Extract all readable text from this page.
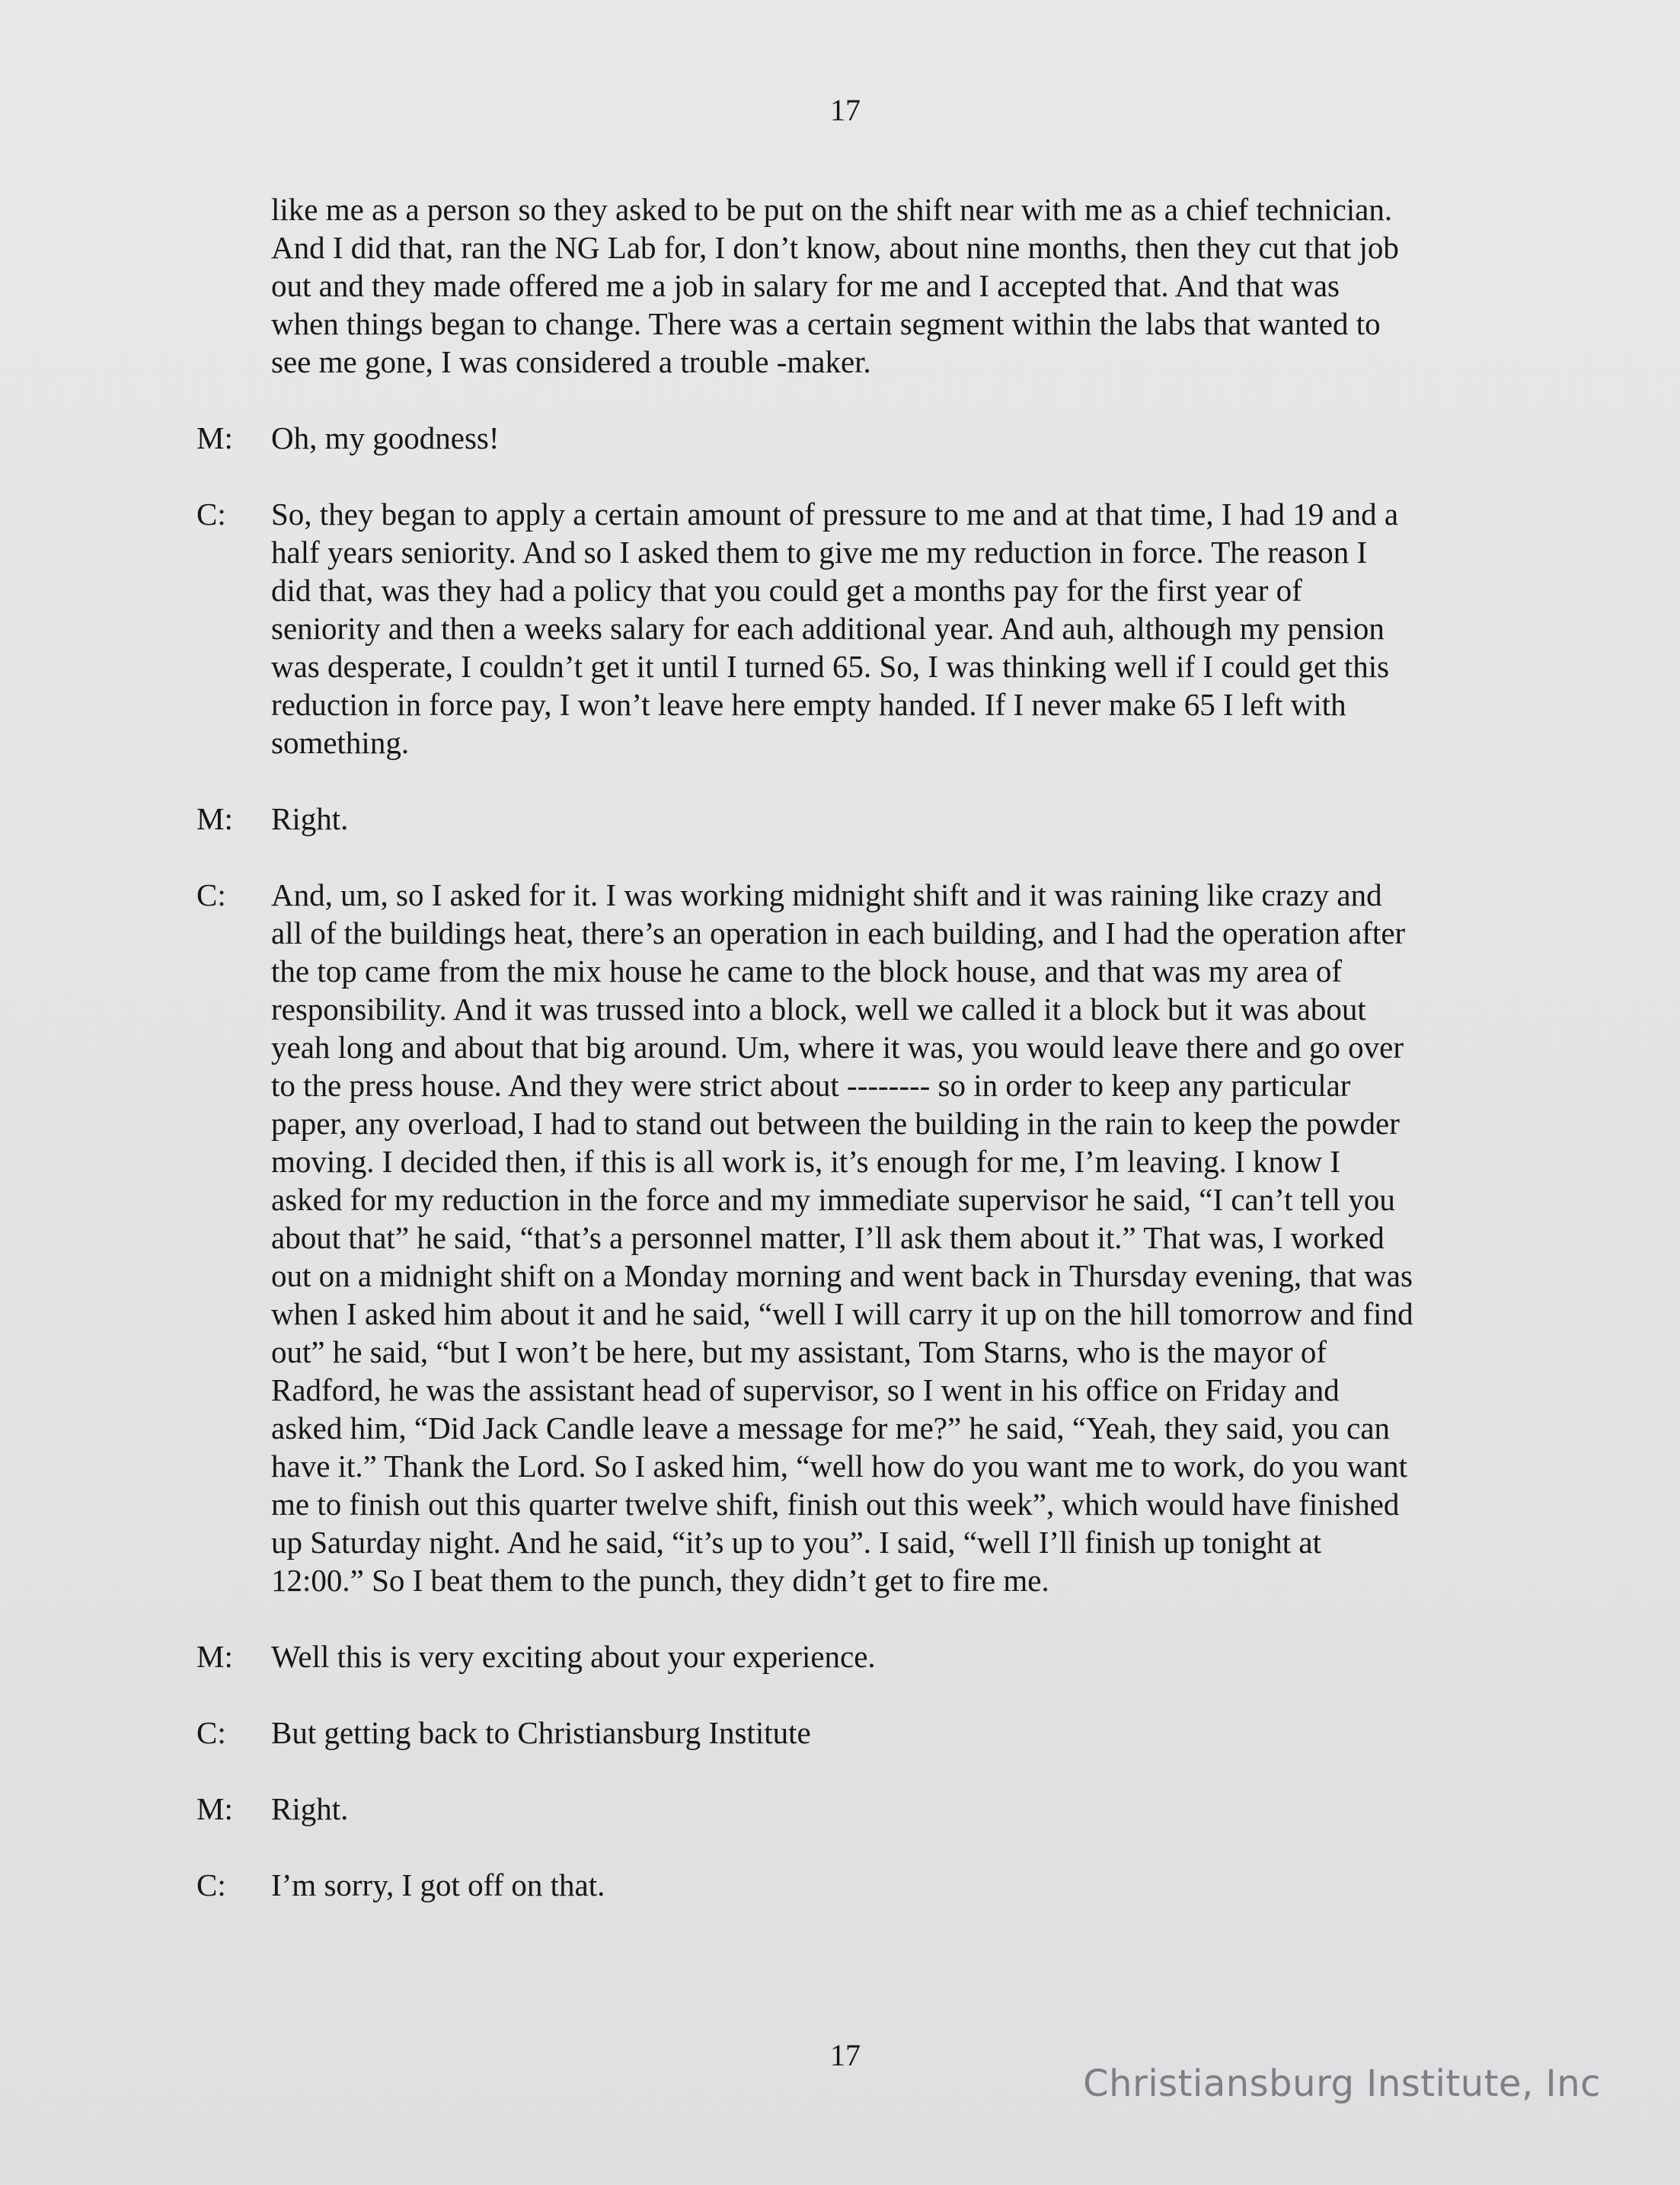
17
like me as a person so they asked to be put on the shift near with me as a chief technician.
And I did that, ran the NG Lab for, I don’t know, about nine months, then they cut that job
out and they made offered me a job in salary for me and I accepted that. And that was
when things began to change. There was a certain segment within the labs that wanted to
see me gone, I was considered a trouble -maker.
M:	Oh, my goodness!
C:	So, they began to apply a certain amount of pressure to me and at that time, I had 19 and a
half years seniority. And so I asked them to give me my reduction in force. The reason I
did that, was they had a policy that you could get a months pay for the first year of
seniority and then a weeks salary for each additional year. And auh, although my pension
was desperate, I couldn’t get it until I turned 65. So, I was thinking well if I could get this
reduction in force pay, I won’t leave here empty handed. If I never make 65 I left with
something.
M:	Right.
C:	And, um, so I asked for it. I was working midnight shift and it was raining like crazy and
all of the buildings heat, there’s an operation in each building, and I had the operation after
the top came from the mix house he came to the block house, and that was my area of
responsibility. And it was trussed into a block, well we called it a block but it was about
yeah long and about that big around. Um, where it was, you would leave there and go over
to the press house. And they were strict about -------- so in order to keep any particular
paper, any overload, I had to stand out between the building in the rain to keep the powder
moving. I decided then, if this is all work is, it’s enough for me, I’m leaving. I know I
asked for my reduction in the force and my immediate supervisor he said, “I can’t tell you
about that” he said, “that’s a personnel matter, I’ll ask them about it.” That was, I worked
out on a midnight shift on a Monday morning and went back in Thursday evening, that was
when I asked him about it and he said, “well I will carry it up on the hill tomorrow and find
out” he said, “but I won’t be here, but my assistant, Tom Starns, who is the mayor of
Radford, he was the assistant head of supervisor, so I went in his office on Friday and
asked him, “Did Jack Candle leave a message for me?” he said, “Yeah, they said, you can
have it.” Thank the Lord. So I asked him, “well how do you want me to work, do you want
me to finish out this quarter twelve shift, finish out this week”, which would have finished
up Saturday night. And he said, “it’s up to you”. I said, “well I’ll finish up tonight at
12:00.” So I beat them to the punch, they didn’t get to fire me.
M:	Well this is very exciting about your experience.
C:	But getting back to Christiansburg Institute
M:	Right.
C:	I’m sorry, I got off on that.
17
Christiansburg Institute, Inc
